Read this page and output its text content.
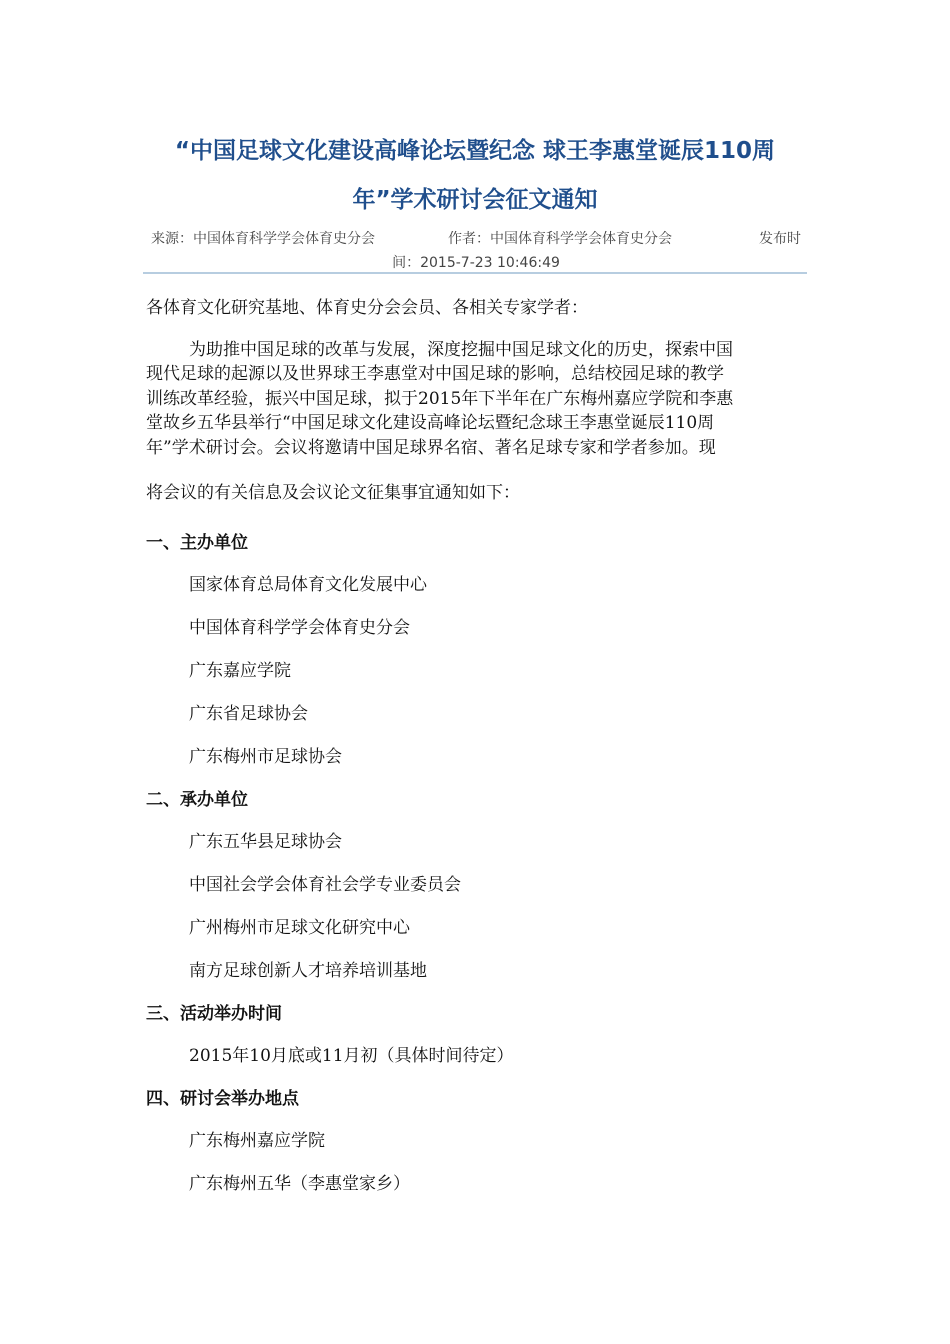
“中国足球文化建设高峰论坛暨纪念 球王李惠堂诞辰110周
年”学术研讨会征文通知
来源：中国体育科学学会体育史分会	作者：中国体育科学学会体育史分会	发布时
间：2015-7-23 10:46:49
各体育文化研究基地、体育史分会会员、各相关专家学者：
为助推中国足球的改革与发展，深度挖掘中国足球文化的历史，探索中国
现代足球的起源以及世界球王李惠堂对中国足球的影响，总结校园足球的教学
训练改革经验，振兴中国足球，拟于2015年下半年在广东梅州嘉应学院和李惠
堂故乡五华县举行“中国足球文化建设高峰论坛暨纪念球王李惠堂诞辰110周
年”学术研讨会。会议将邀请中国足球界名宿、著名足球专家和学者参加。现
将会议的有关信息及会议论文征集事宜通知如下：
一、主办单位
国家体育总局体育文化发展中心
中国体育科学学会体育史分会
广东嘉应学院
广东省足球协会
广东梅州市足球协会
二、承办单位
广东五华县足球协会
中国社会学会体育社会学专业委员会
广州梅州市足球文化研究中心
南方足球创新人才培养培训基地
三、活动举办时间
2015年10月底或11月初（具体时间待定）
四、研讨会举办地点
广东梅州嘉应学院
广东梅州五华（李惠堂家乡）
